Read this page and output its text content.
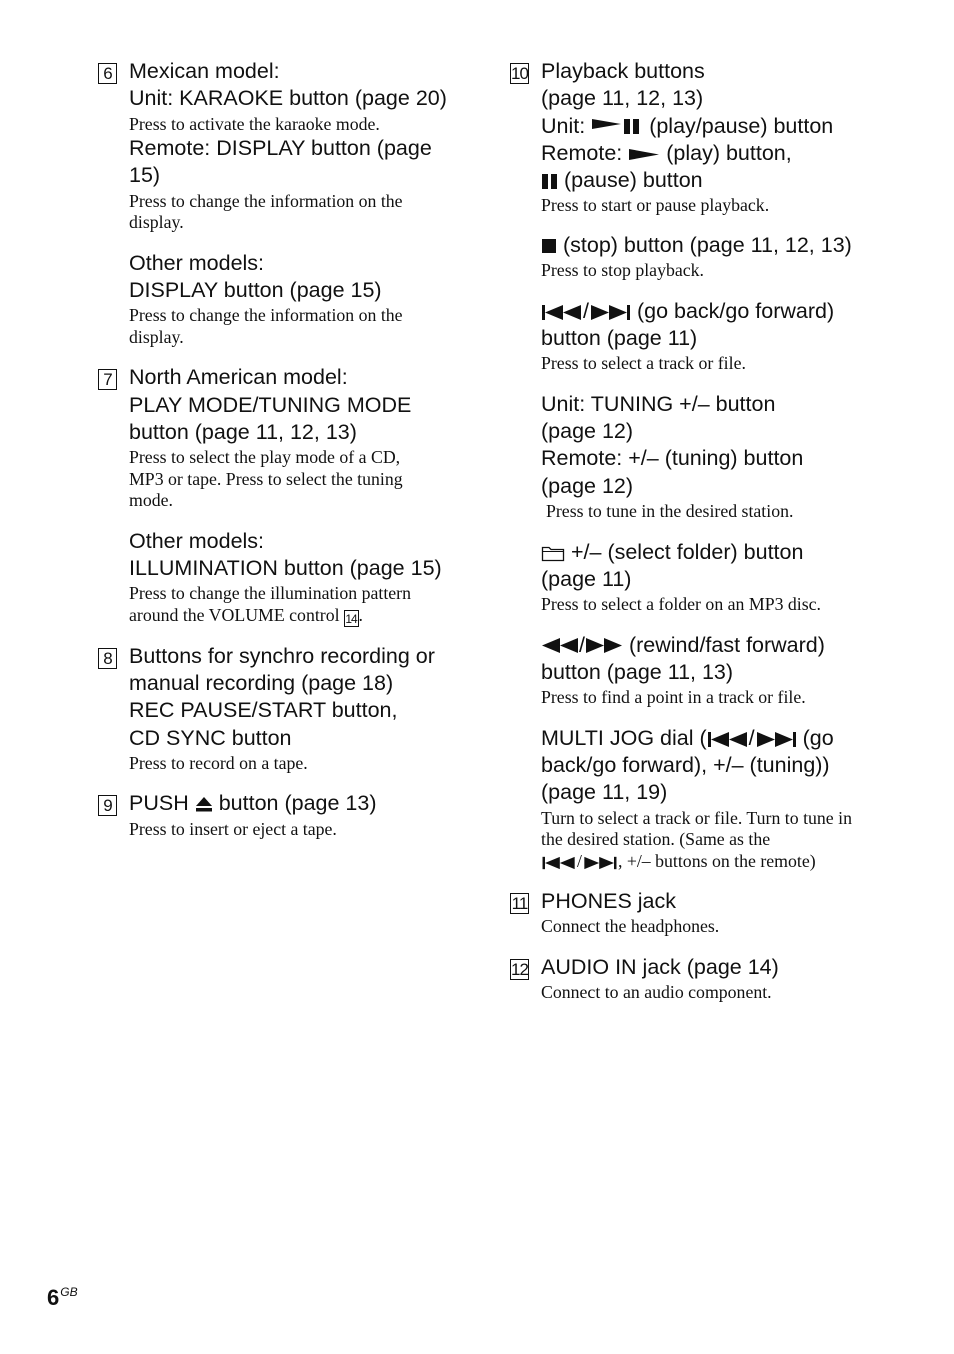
6 Mexican model:

Unit: KARAOKE button (page 20)

Press to activate the karaoke mode.

Remote: DISPLAY button (page

15)

Press to change the information on the display.

Other models:

DISPLAY button (page 15)

Press to change the information on the display.

7 North American model:

PLAY MODE/TUNING MODE

button (page 11, 12, 13)

Press to select the play mode of a CD, MP3 or tape. Press to select the tuning mode.

Other models:

ILLUMINATION button (page 15)

Press to change the illumination pattern around the VOLUME control 14 .

8 Buttons for synchro recording or

manual recording (page 18)

REC PAUSE/START button,

CD SYNC button

Press to record on a tape.

9 PUSH button (page 13)

Press to insert or eject a tape.

10 Playback buttons

(page 11, 12, 13)

Unit:	(play/pause) button

Remote: (play) button,

(pause) button

Press to start or pause playback.

(stop) button (page 11, 12, 13)

Press to stop playback.

/ (go back/go forward)

button (page 11)

Press to select a track or file.

Unit: TUNING +/– button

(page 12)

Remote: +/– (tuning) button

(page 12)

Press to tune in the desired station.

+/– (select folder) button

(page 11)

Press to select a folder on an MP3 disc.

/ (rewind/fast forward)

button (page 11, 13)

Press to find a point in a track or file.

MULTI JOG dial ( / (go

back/go forward), +/– (tuning))

(page 11, 19)

Turn to select a track or file. Turn to tune in the desired station. (Same as the

/ , +/– buttons on the remote)

11 PHONES jack

Connect the headphones.

12 AUDIO IN jack (page 14)

Connect to an audio component.

$6^{GB}$
